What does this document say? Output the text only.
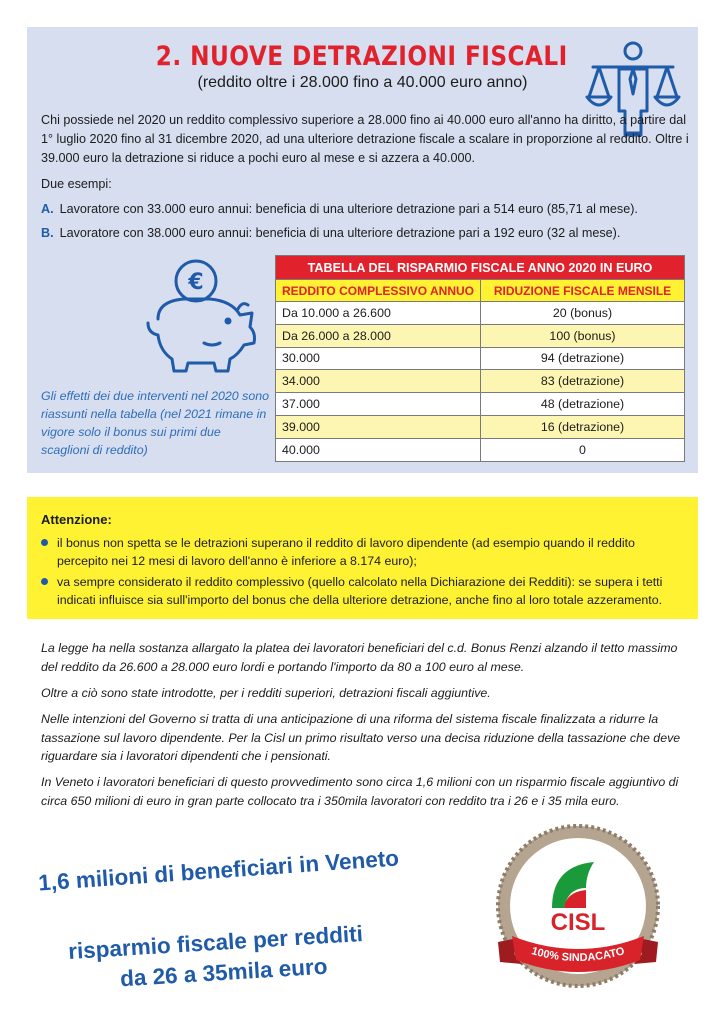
2. NUOVE DETRAZIONI FISCALI
(reddito oltre i 28.000 fino a 40.000 euro anno)

Chi possiede nel 2020 un reddito complessivo superiore a 28.000 fino ai 40.000 euro all'anno ha diritto, a partire dal 1° luglio 2020 fino al 31 dicembre 2020, ad una ulteriore detrazione fiscale a scalare in proporzione al reddito. Oltre i 39.000 euro la detrazione si riduce a pochi euro al mese e si azzera a 40.000.

Due esempi:
A. Lavoratore con 33.000 euro annui: beneficia di una ulteriore detrazione pari a 514 euro (85,71 al mese).
B. Lavoratore con 38.000 euro annui: beneficia di una ulteriore detrazione pari a 192 euro (32 al mese).
€

Gli effetti dei due interventi nel 2020 sono riassunti nella tabella (nel 2021 rimane in vigore solo il bonus sui primi due scaglioni di reddito)

TABELLA DEL RISPARMIO FISCALE ANNO 2020 IN EURO	
REDDITO COMPLESSIVO ANNUO	RIDUZIONE FISCALE MENSILE
Da 10.000 a 26.600	20 (bonus)
Da 26.000 a 28.000	100 (bonus)
30.000	94 (detrazione)
34.000	83 (detrazione)
37.000	48 (detrazione)
39.000	16 (detrazione)
40.000	0
Attenzione:
il bonus non spetta se le detrazioni superano il reddito di lavoro dipendente (ad esempio quando il reddito percepito nei 12 mesi di lavoro dell'anno è inferiore a 8.174 euro);
va sempre considerato il reddito complessivo (quello calcolato nella Dichiarazione dei Redditi): se supera i tetti indicati influisce sia sull'importo del bonus che della ulteriore detrazione, anche fino al loro totale azzeramento.

La legge ha nella sostanza allargato la platea dei lavoratori beneficiari del c.d. Bonus Renzi alzando il tetto massimo del reddito da 26.600 a 28.000 euro lordi e portando l'importo da 80 a 100 euro al mese.

Oltre a ciò sono state introdotte, per i redditi superiori, detrazioni fiscali aggiuntive.

Nelle intenzioni del Governo si tratta di una anticipazione di una riforma del sistema fiscale finalizzata a ridurre la tassazione sul lavoro dipendente. Per la Cisl un primo risultato verso una decisa riduzione della tassazione che deve riguardare sia i lavoratori dipendenti che i pensionati.

In Veneto i lavoratori beneficiari di questo provvedimento sono circa 1,6 milioni con un risparmio fiscale aggiuntivo di circa 650 milioni di euro in gran parte collocato tra i 350mila lavoratori con reddito tra i 26 e i 35 mila euro.

1,6 milioni di beneficiari in Veneto
risparmio fiscale per redditi
da 26 a 35mila euro
CISL
100% SINDACATO
